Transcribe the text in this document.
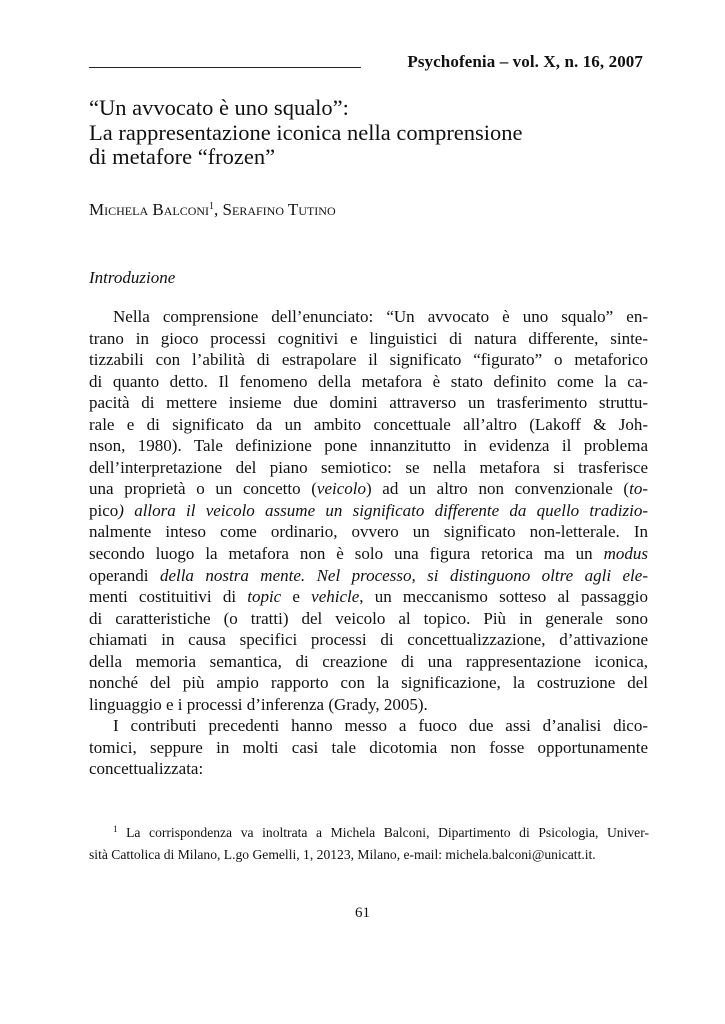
Psychofenia – vol. X, n. 16, 2007
“Un avvocato è uno squalo”:
La rappresentazione iconica nella comprensione
di metafore “frozen”
Michela Balconi$^1$, Serafino Tutino
Introduzione
Nella comprensione dell’enunciato: “Un avvocato è uno squalo” en-
trano in gioco processi cognitivi e linguistici di natura differente, sinte-
tizzabili con l’abilità di estrapolare il significato “figurato” o metaforico
di quanto detto. Il fenomeno della metafora è stato definito come la ca-
pacità di mettere insieme due domini attraverso un trasferimento struttu-
rale e di significato da un ambito concettuale all’altro (Lakoff & Joh-
nson, 1980). Tale definizione pone innanzitutto in evidenza il problema
dell’interpretazione del piano semiotico: se nella metafora si trasferisce
una proprietà o un concetto (veicolo) ad un altro non convenzionale (to-
pico) allora il veicolo assume un significato differente da quello tradizio-
nalmente inteso come ordinario, ovvero un significato non-letterale. In
secondo luogo la metafora non è solo una figura retorica ma un modus
operandi della nostra mente. Nel processo, si distinguono oltre agli ele-
menti costituitivi di topic e vehicle, un meccanismo sotteso al passaggio
di caratteristiche (o tratti) del veicolo al topico. Più in generale sono
chiamati in causa specifici processi di concettualizzazione, d’attivazione
della memoria semantica, di creazione di una rappresentazione iconica,
nonché del più ampio rapporto con la significazione, la costruzione del
linguaggio e i processi d’inferenza (Grady, 2005).
I contributi precedenti hanno messo a fuoco due assi d’analisi dico-
tomici, seppure in molti casi tale dicotomia non fosse opportunamente
concettualizzata:
$^1$ La corrispondenza va inoltrata a Michela Balconi, Dipartimento di Psicologia, Univer-
sità Cattolica di Milano, L.go Gemelli, 1, 20123, Milano, e-mail: michela.balconi@unicatt.it.
61
